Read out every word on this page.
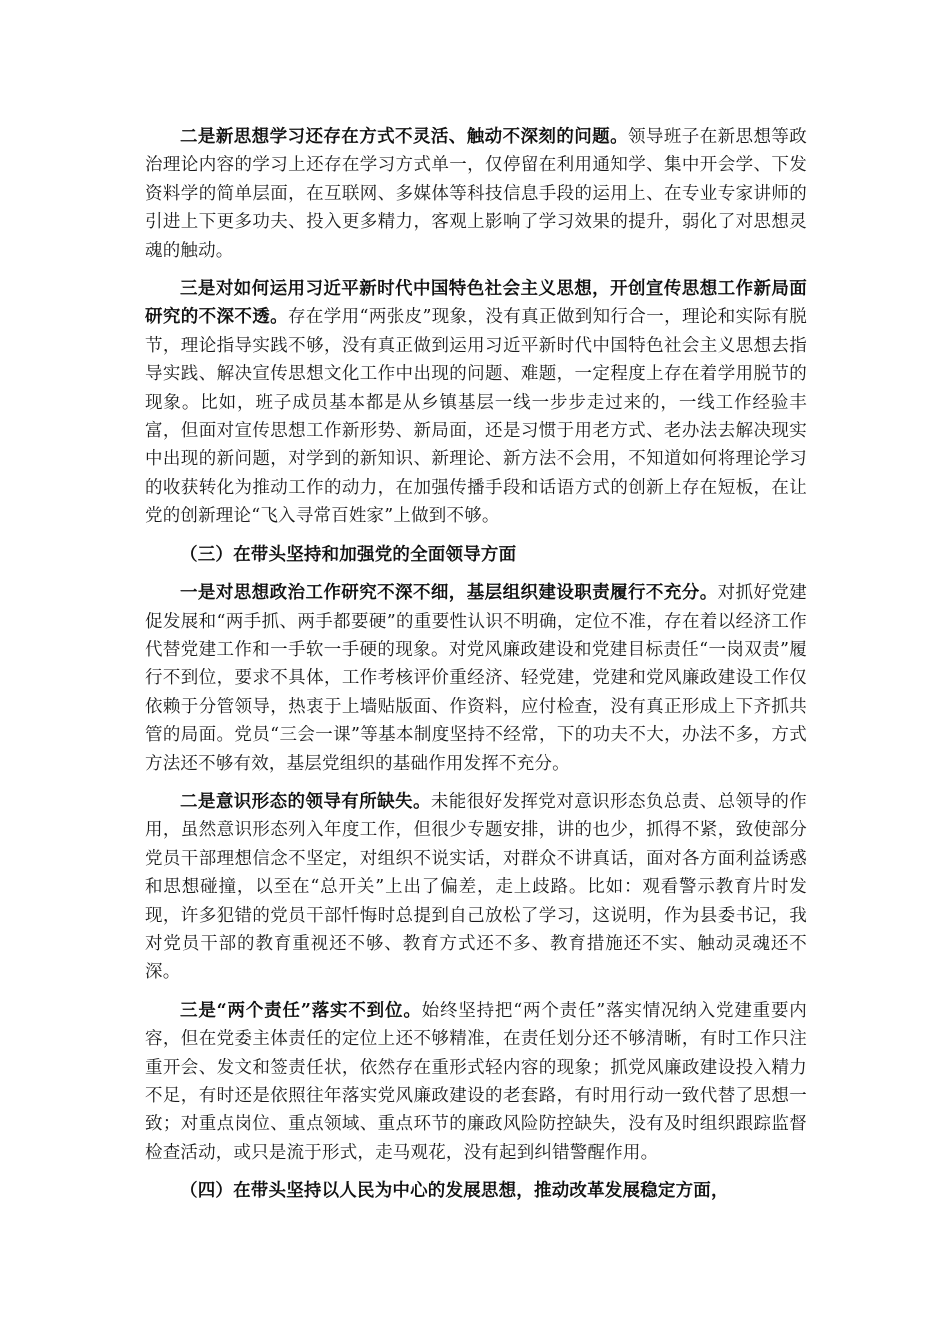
二是新思想学习还存在方式不灵活、触动不深刻的问题。领导班子在新思想等政治理论内容的学习上还存在学习方式单一，仅停留在利用通知学、集中开会学、下发资料学的简单层面，在互联网、多媒体等科技信息手段的运用上、在专业专家讲师的引进上下更多功夫、投入更多精力，客观上影响了学习效果的提升，弱化了对思想灵魂的触动。

三是对如何运用习近平新时代中国特色社会主义思想，开创宣传思想工作新局面研究的不深不透。存在学用“两张皮”现象，没有真正做到知行合一，理论和实际有脱节，理论指导实践不够，没有真正做到运用习近平新时代中国特色社会主义思想去指导实践、解决宣传思想文化工作中出现的问题、难题，一定程度上存在着学用脱节的现象。比如，班子成员基本都是从乡镇基层一线一步步走过来的，一线工作经验丰富，但面对宣传思想工作新形势、新局面，还是习惯于用老方式、老办法去解决现实中出现的新问题，对学到的新知识、新理论、新方法不会用，不知道如何将理论学习的收获转化为推动工作的动力，在加强传播手段和话语方式的创新上存在短板，在让党的创新理论“飞入寻常百姓家”上做到不够。

（三）在带头坚持和加强党的全面领导方面

一是对思想政治工作研究不深不细，基层组织建设职责履行不充分。对抓好党建促发展和“两手抓、两手都要硬”的重要性认识不明确，定位不准，存在着以经济工作代替党建工作和一手软一手硬的现象。对党风廉政建设和党建目标责任“一岗双责”履行不到位，要求不具体，工作考核评价重经济、轻党建，党建和党风廉政建设工作仅依赖于分管领导，热衷于上墙贴版面、作资料，应付检查，没有真正形成上下齐抓共管的局面。党员“三会一课”等基本制度坚持不经常，下的功夫不大，办法不多，方式方法还不够有效，基层党组织的基础作用发挥不充分。

二是意识形态的领导有所缺失。未能很好发挥党对意识形态负总责、总领导的作用，虽然意识形态列入年度工作，但很少专题安排，讲的也少，抓得不紧，致使部分党员干部理想信念不坚定，对组织不说实话，对群众不讲真话，面对各方面利益诱惑和思想碰撞，以至在“总开关”上出了偏差，走上歧路。比如：观看警示教育片时发现，许多犯错的党员干部忏悔时总提到自己放松了学习，这说明，作为县委书记，我对党员干部的教育重视还不够、教育方式还不多、教育措施还不实、触动灵魂还不深。

三是“两个责任”落实不到位。始终坚持把“两个责任”落实情况纳入党建重要内容，但在党委主体责任的定位上还不够精准，在责任划分还不够清晰，有时工作只注重开会、发文和签责任状，依然存在重形式轻内容的现象；抓党风廉政建设投入精力不足，有时还是依照往年落实党风廉政建设的老套路，有时用行动一致代替了思想一致；对重点岗位、重点领域、重点环节的廉政风险防控缺失，没有及时组织跟踪监督检查活动，或只是流于形式，走马观花，没有起到纠错警醒作用。

（四）在带头坚持以人民为中心的发展思想，推动改革发展稳定方面，
